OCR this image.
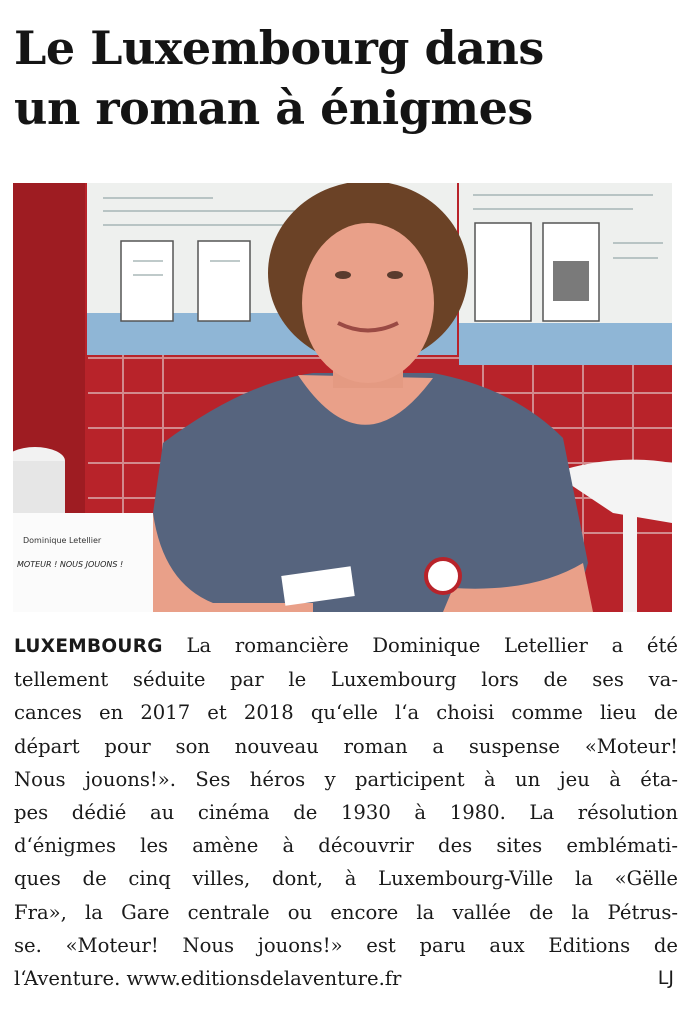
Le Luxembourg dans
un roman à énigmes
Dominique Letellier
MOTEUR ! NOUS JOUONS !
LUXEMBOURG La romancière Dominique Letellier a été
tellement séduite par le Luxembourg lors de ses va-
cances en 2017 et 2018 qu‘elle l‘a choisi comme lieu de
départ pour son nouveau roman a suspense «Moteur!
Nous jouons!». Ses héros y participent à un jeu à éta-
pes dédié au cinéma de 1930 à 1980. La résolution
d‘énigmes les amène à découvrir des sites emblémati-
ques de cinq villes, dont, à Luxembourg-Ville la «Gëlle
Fra», la Gare centrale ou encore la vallée de la Pétrus-
se. «Moteur! Nous jouons!» est paru aux Editions de
l‘Aventure. www.editionsdelaventure.fr	LJ
